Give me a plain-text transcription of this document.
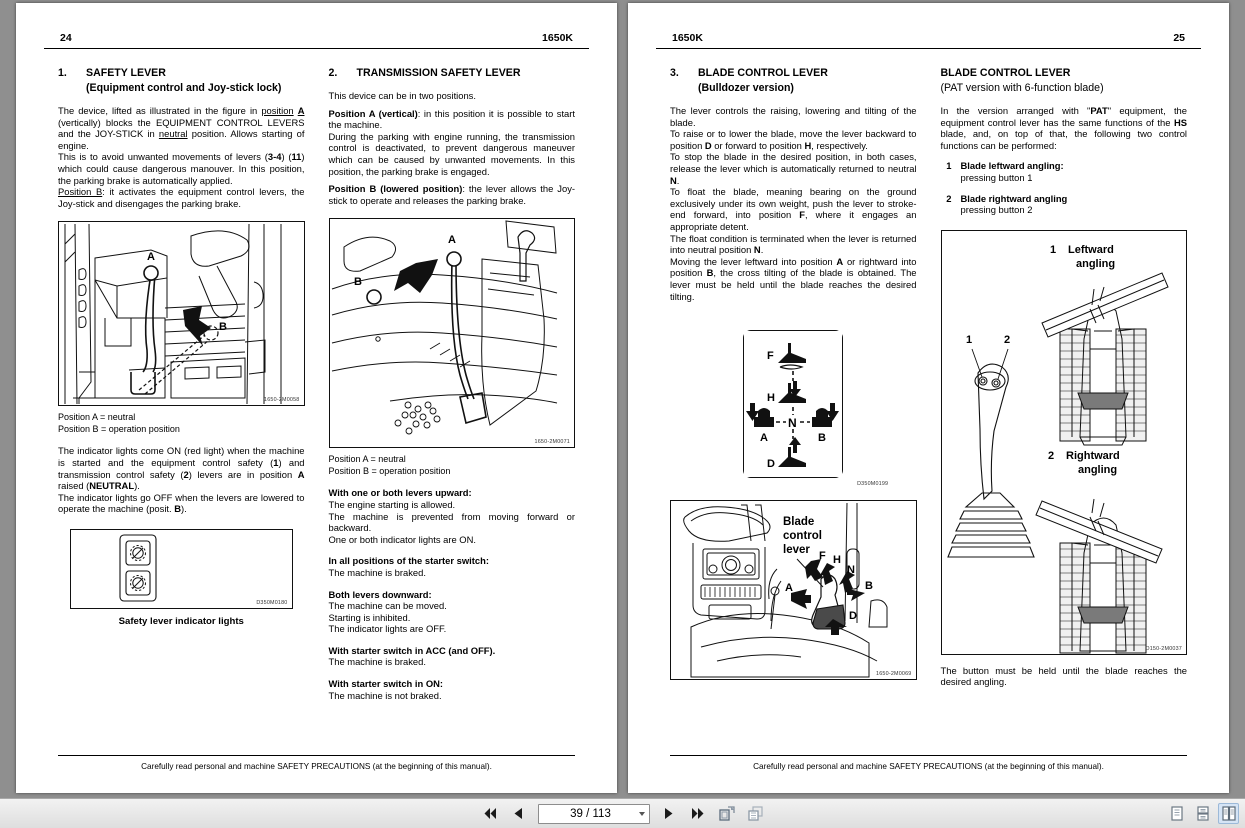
24	1650K
1.	SAFETY LEVER
(Equipment control and Joy-stick lock)

The device, lifted as illustrated in the figure in position A (vertically) blocks the EQUIPMENT CONTROL LEVERS and the JOY-STICK in neutral position. Allows starting of engine.

This is to avoid unwanted movements of levers (3-4) (11) which could cause dangerous manouver. In this position, the parking brake is automatically applied.

Position B: it activates the equipment control levers, the Joy-stick and disengages the parking brake.

A
B
1650-2M0058
Position A = neutral
Position B = operation position

The indicator lights come ON (red light) when the machine is started and the equipment control safety (1) and transmission control safety (2) levers are in position A raised (NEUTRAL).

The indicator lights go OFF when the levers are lowered to operate the machine (posit. B).

D350M0180
Safety lever indicator lights
2.	TRANSMISSION SAFETY LEVER

This device can be in two positions.

Position A (vertical): in this position it is possible to start the machine.

During the parking with engine running, the transmission control is deactivated, to prevent dangerous maneuver which can be caused by unwanted movements. In this position, the parking brake is engaged.

Position B (lowered position): the lever allows the Joy-stick to operate and releases the parking brake.

A
B
1650-2M0071
Position A = neutral
Position B = operation position

With one or both levers upward:

The engine starting is allowed.

The machine is prevented from moving forward or backward.

One or both indicator lights are ON.

In all positions of the starter switch:

The machine is braked.

Both levers downward:

The machine can be moved.

Starting is inhibited.

The indicator lights are OFF.

With starter switch in ACC (and OFF).

The machine is braked.

With starter switch in ON:

The machine is not braked.

Carefully read personal and machine SAFETY PRECAUTIONS (at the beginning of this manual).
1650K	25
3.	BLADE CONTROL LEVER
(Bulldozer version)

The lever controls the raising, lowering and tilting of the blade.

To raise or to lower the blade, move the lever backward to position D or forward to position H, respectively.

To stop the blade in the desired position, in both cases, release the lever which is automatically returned to neutral N.

To float the blade, meaning bearing on the ground exclusively under its own weight, push the lever to stroke-end forward, into position F, where it engages an appropriate detent.

The float condition is terminated when the lever is returned into neutral position N.

Moving the lever leftward into position A or rightward into position B, the cross tilting of the blade is obtained. The lever must be held until the blade reaches the desired tilting.

F
H
N
A	B
D
D350M0199
Blade
control
lever F H
N
A	B
D
1650-2M0069
BLADE CONTROL LEVER
(PAT version with 6-function blade)

In the version arranged with "PAT" equipment, the equipment control lever has the same functions of the HS blade, and, on top of that, the following two control functions can be performed:

1 Blade leftward angling:
pressing button 1
2 Blade rightward angling
pressing button 2
1 Leftward
angling
1	2
2 Rightward
angling
D150-2M0037

The button must be held until the blade reaches the desired angling.

Carefully read personal and machine SAFETY PRECAUTIONS (at the beginning of this manual).
39 / 113
